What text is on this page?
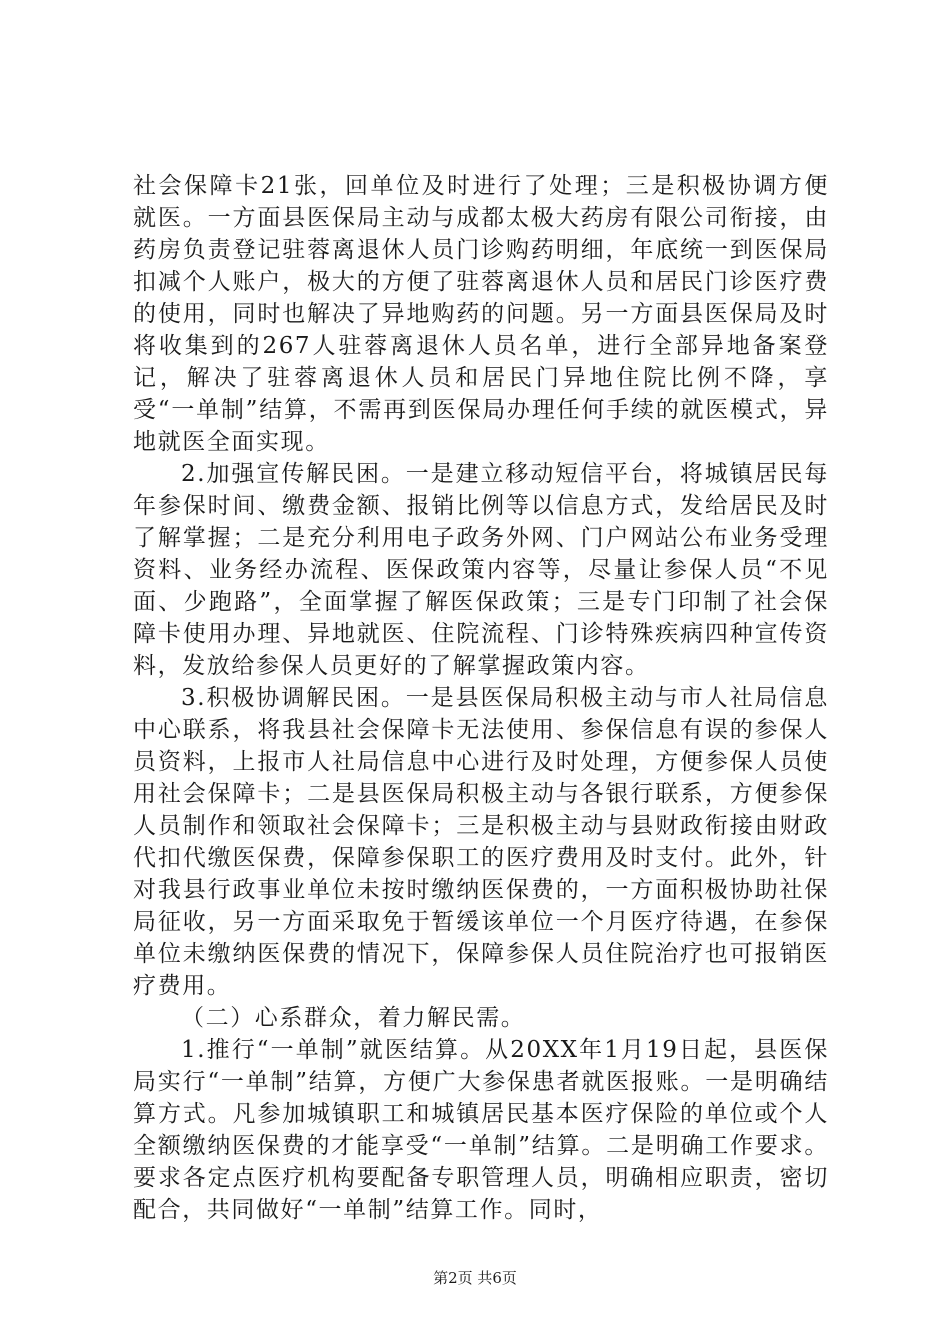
社会保障卡21张，回单位及时进行了处理；三是积极协调方便就医。一方面县医保局主动与成都太极大药房有限公司衔接，由药房负责登记驻蓉离退休人员门诊购药明细，年底统一到医保局扣减个人账户，极大的方便了驻蓉离退休人员和居民门诊医疗费的使用，同时也解决了异地购药的问题。另一方面县医保局及时将收集到的267人驻蓉离退休人员名单，进行全部异地备案登记，解决了驻蓉离退休人员和居民门异地住院比例不降，享受“一单制”结算，不需再到医保局办理任何手续的就医模式，异地就医全面实现。

2.加强宣传解民困。一是建立移动短信平台，将城镇居民每年参保时间、缴费金额、报销比例等以信息方式，发给居民及时了解掌握；二是充分利用电子政务外网、门户网站公布业务受理资料、业务经办流程、医保政策内容等，尽量让参保人员“不见面、少跑路”，全面掌握了解医保政策；三是专门印制了社会保障卡使用办理、异地就医、住院流程、门诊特殊疾病四种宣传资料，发放给参保人员更好的了解掌握政策内容。

3.积极协调解民困。一是县医保局积极主动与市人社局信息中心联系，将我县社会保障卡无法使用、参保信息有误的参保人员资料，上报市人社局信息中心进行及时处理，方便参保人员使用社会保障卡；二是县医保局积极主动与各银行联系，方便参保人员制作和领取社会保障卡；三是积极主动与县财政衔接由财政代扣代缴医保费，保障参保职工的医疗费用及时支付。此外，针对我县行政事业单位未按时缴纳医保费的，一方面积极协助社保局征收，另一方面采取免于暂缓该单位一个月医疗待遇，在参保单位未缴纳医保费的情况下，保障参保人员住院治疗也可报销医疗费用。

（二）心系群众，着力解民需。

1.推行“一单制”就医结算。从20XX年1月19日起，县医保局实行“一单制”结算，方便广大参保患者就医报账。一是明确结算方式。凡参加城镇职工和城镇居民基本医疗保险的单位或个人全额缴纳医保费的才能享受“一单制”结算。二是明确工作要求。要求各定点医疗机构要配备专职管理人员，明确相应职责，密切配合，共同做好“一单制”结算工作。同时，

第2页 共6页
